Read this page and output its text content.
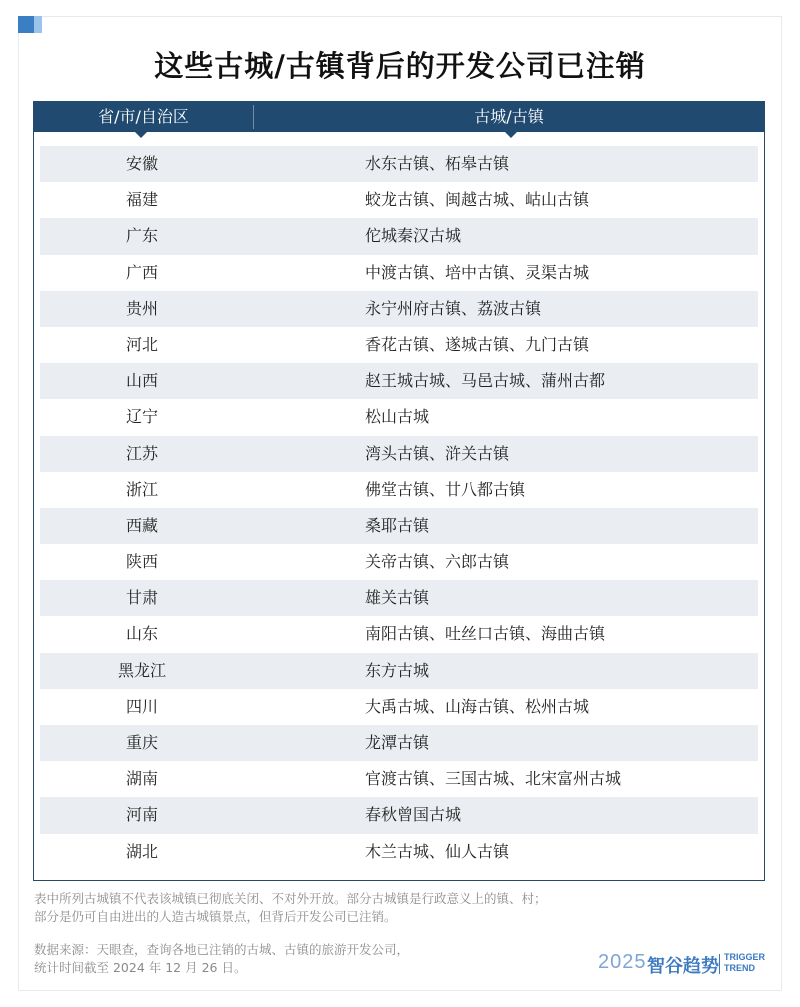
这些古城/古镇背后的开发公司已注销
省/市/自治区	古城/古镇
安徽	水东古镇、柘皋古镇
福建	蛟龙古镇、闽越古城、岵山古镇
广东	佗城秦汉古城
广西	中渡古镇、培中古镇、灵渠古城
贵州	永宁州府古镇、荔波古镇
河北	香花古镇、遂城古镇、九门古镇
山西	赵王城古城、马邑古城、蒲州古都
辽宁	松山古城
江苏	湾头古镇、浒关古镇
浙江	佛堂古镇、廿八都古镇
西藏	桑耶古镇
陕西	关帝古镇、六郎古镇
甘肃	雄关古镇
山东	南阳古镇、吐丝口古镇、海曲古镇
黑龙江	东方古城
四川	大禹古城、山海古镇、松州古城
重庆	龙潭古镇
湖南	官渡古镇、三国古城、北宋富州古城
河南	春秋曾国古城
湖北	木兰古城、仙人古镇
表中所列古城镇不代表该城镇已彻底关闭、不对外开放。部分古城镇是行政意义上的镇、村；
部分是仍可自由进出的人造古城镇景点，但背后开发公司已注销。
数据来源：天眼查，查询各地已注销的古城、古镇的旅游开发公司，
统计时间截至 2024 年 12 月 26 日。	2025 智谷趋势 TRIGGER
TREND
